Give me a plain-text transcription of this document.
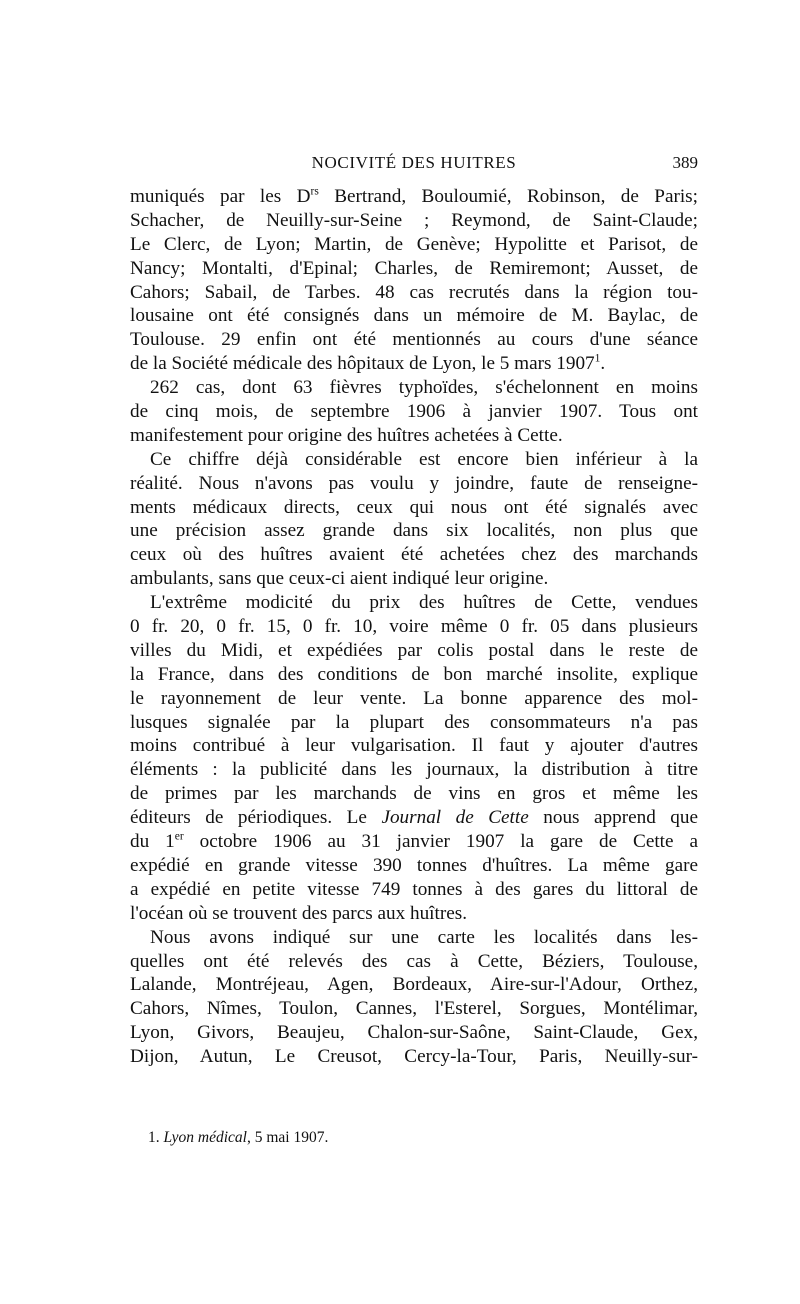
NOCIVITÉ DES HUITRES	389
muniqués par les $D^{rs}$ Bertrand, Bouloumié, Robinson, de Paris;
Schacher, de Neuilly-sur-Seine ; Reymond, de Saint-Claude;
Le Clerc, de Lyon; Martin, de Genève; Hypolitte et Parisot, de
Nancy; Montalti, d'Epinal; Charles, de Remiremont; Ausset, de
Cahors; Sabail, de Tarbes. 48 cas recrutés dans la région tou-
lousaine ont été consignés dans un mémoire de M. Baylac, de
Toulouse. 29 enfin ont été mentionnés au cours d'une séance
de la Société médicale des hôpitaux de Lyon, le 5 mars 1907$^1$.
262 cas, dont 63 fièvres typhoïdes, s'échelonnent en moins
de cinq mois, de septembre 1906 à janvier 1907. Tous ont
manifestement pour origine des huîtres achetées à Cette.
Ce chiffre déjà considérable est encore bien inférieur à la
réalité. Nous n'avons pas voulu y joindre, faute de renseigne-
ments médicaux directs, ceux qui nous ont été signalés avec
une précision assez grande dans six localités, non plus que
ceux où des huîtres avaient été achetées chez des marchands
ambulants, sans que ceux-ci aient indiqué leur origine.
L'extrême modicité du prix des huîtres de Cette, vendues
0 fr. 20, 0 fr. 15, 0 fr. 10, voire même 0 fr. 05 dans plusieurs
villes du Midi, et expédiées par colis postal dans le reste de
la France, dans des conditions de bon marché insolite, explique
le rayonnement de leur vente. La bonne apparence des mol-
lusques signalée par la plupart des consommateurs n'a pas
moins contribué à leur vulgarisation. Il faut y ajouter d'autres
éléments : la publicité dans les journaux, la distribution à titre
de primes par les marchands de vins en gros et même les
éditeurs de périodiques. Le Journal de Cette nous apprend que
du 1er octobre 1906 au 31 janvier 1907 la gare de Cette a
expédié en grande vitesse 390 tonnes d'huîtres. La même gare
a expédié en petite vitesse 749 tonnes à des gares du littoral de
l'océan où se trouvent des parcs aux huîtres.
Nous avons indiqué sur une carte les localités dans les-
quelles ont été relevés des cas à Cette, Béziers, Toulouse,
Lalande, Montréjeau, Agen, Bordeaux, Aire-sur-l'Adour, Orthez,
Cahors, Nîmes, Toulon, Cannes, l'Esterel, Sorgues, Montélimar,
Lyon, Givors, Beaujeu, Chalon-sur-Saône, Saint-Claude, Gex,
Dijon, Autun, Le Creusot, Cercy-la-Tour, Paris, Neuilly-sur-
1. Lyon médical, 5 mai 1907.
